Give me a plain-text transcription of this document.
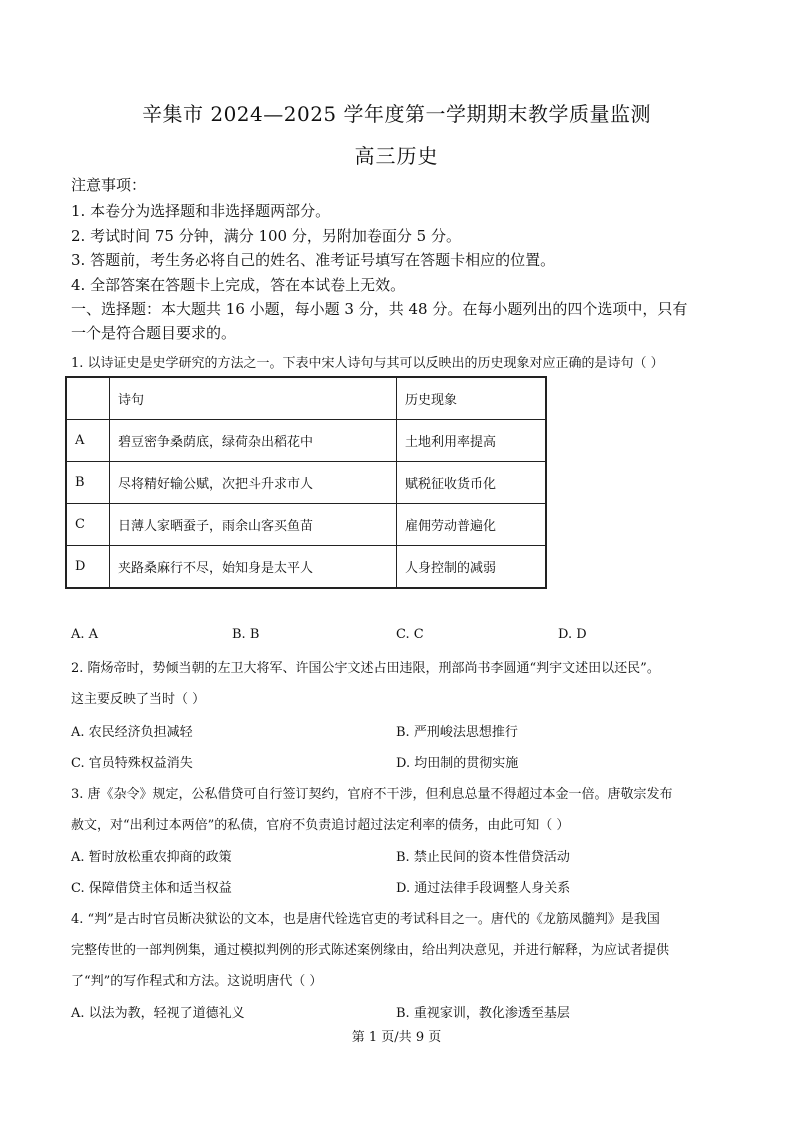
辛集市 2024—2025 学年度第一学期期末教学质量监测
高三历史
注意事项：
1. 本卷分为选择题和非选择题两部分。
2. 考试时间 75 分钟，满分 100 分，另附加卷面分 5 分。
3. 答题前，考生务必将自己的姓名、准考证号填写在答题卡相应的位置。
4. 全部答案在答题卡上完成，答在本试卷上无效。
一、选择题：本大题共 16 小题，每小题 3 分，共 48 分。在每小题列出的四个选项中，只有
一个是符合题目要求的。
1. 以诗证史是史学研究的方法之一。下表中宋人诗句与其可以反映出的历史现象对应正确的是诗句（ ）
	诗句	历史现象
A	碧豆密争桑荫底，绿荷杂出稻花中	土地利用率提高
B	尽将精好输公赋，次把斗升求市人	赋税征收货币化
C	日薄人家晒蚕子，雨余山客买鱼苗	雇佣劳动普遍化
D	夹路桑麻行不尽，始知身是太平人	人身控制的减弱
A. A	B. B	C. C	D. D
2. 隋炀帝时，势倾当朝的左卫大将军、许国公宇文述占田违限，刑部尚书李圆通“判宇文述田以还民”。
这主要反映了当时（ ）
A. 农民经济负担减轻	B. 严刑峻法思想推行
C. 官员特殊权益消失	D. 均田制的贯彻实施
3. 唐《杂令》规定，公私借贷可自行签订契约，官府不干涉，但利息总量不得超过本金一倍。唐敬宗发布
赦文，对“出利过本两倍”的私债，官府不负责追讨超过法定利率的债务，由此可知（ ）
A. 暂时放松重农抑商的政策	B. 禁止民间的资本性借贷活动
C. 保障借贷主体和适当权益	D. 通过法律手段调整人身关系
4. “判”是古时官员断决狱讼的文本，也是唐代铨选官吏的考试科目之一。唐代的《龙筋凤髓判》是我国
完整传世的一部判例集，通过模拟判例的形式陈述案例缘由，给出判决意见，并进行解释，为应试者提供
了“判”的写作程式和方法。这说明唐代（ ）
A. 以法为教，轻视了道德礼义	B. 重视家训，教化渗透至基层
第 1 页/共 9 页
